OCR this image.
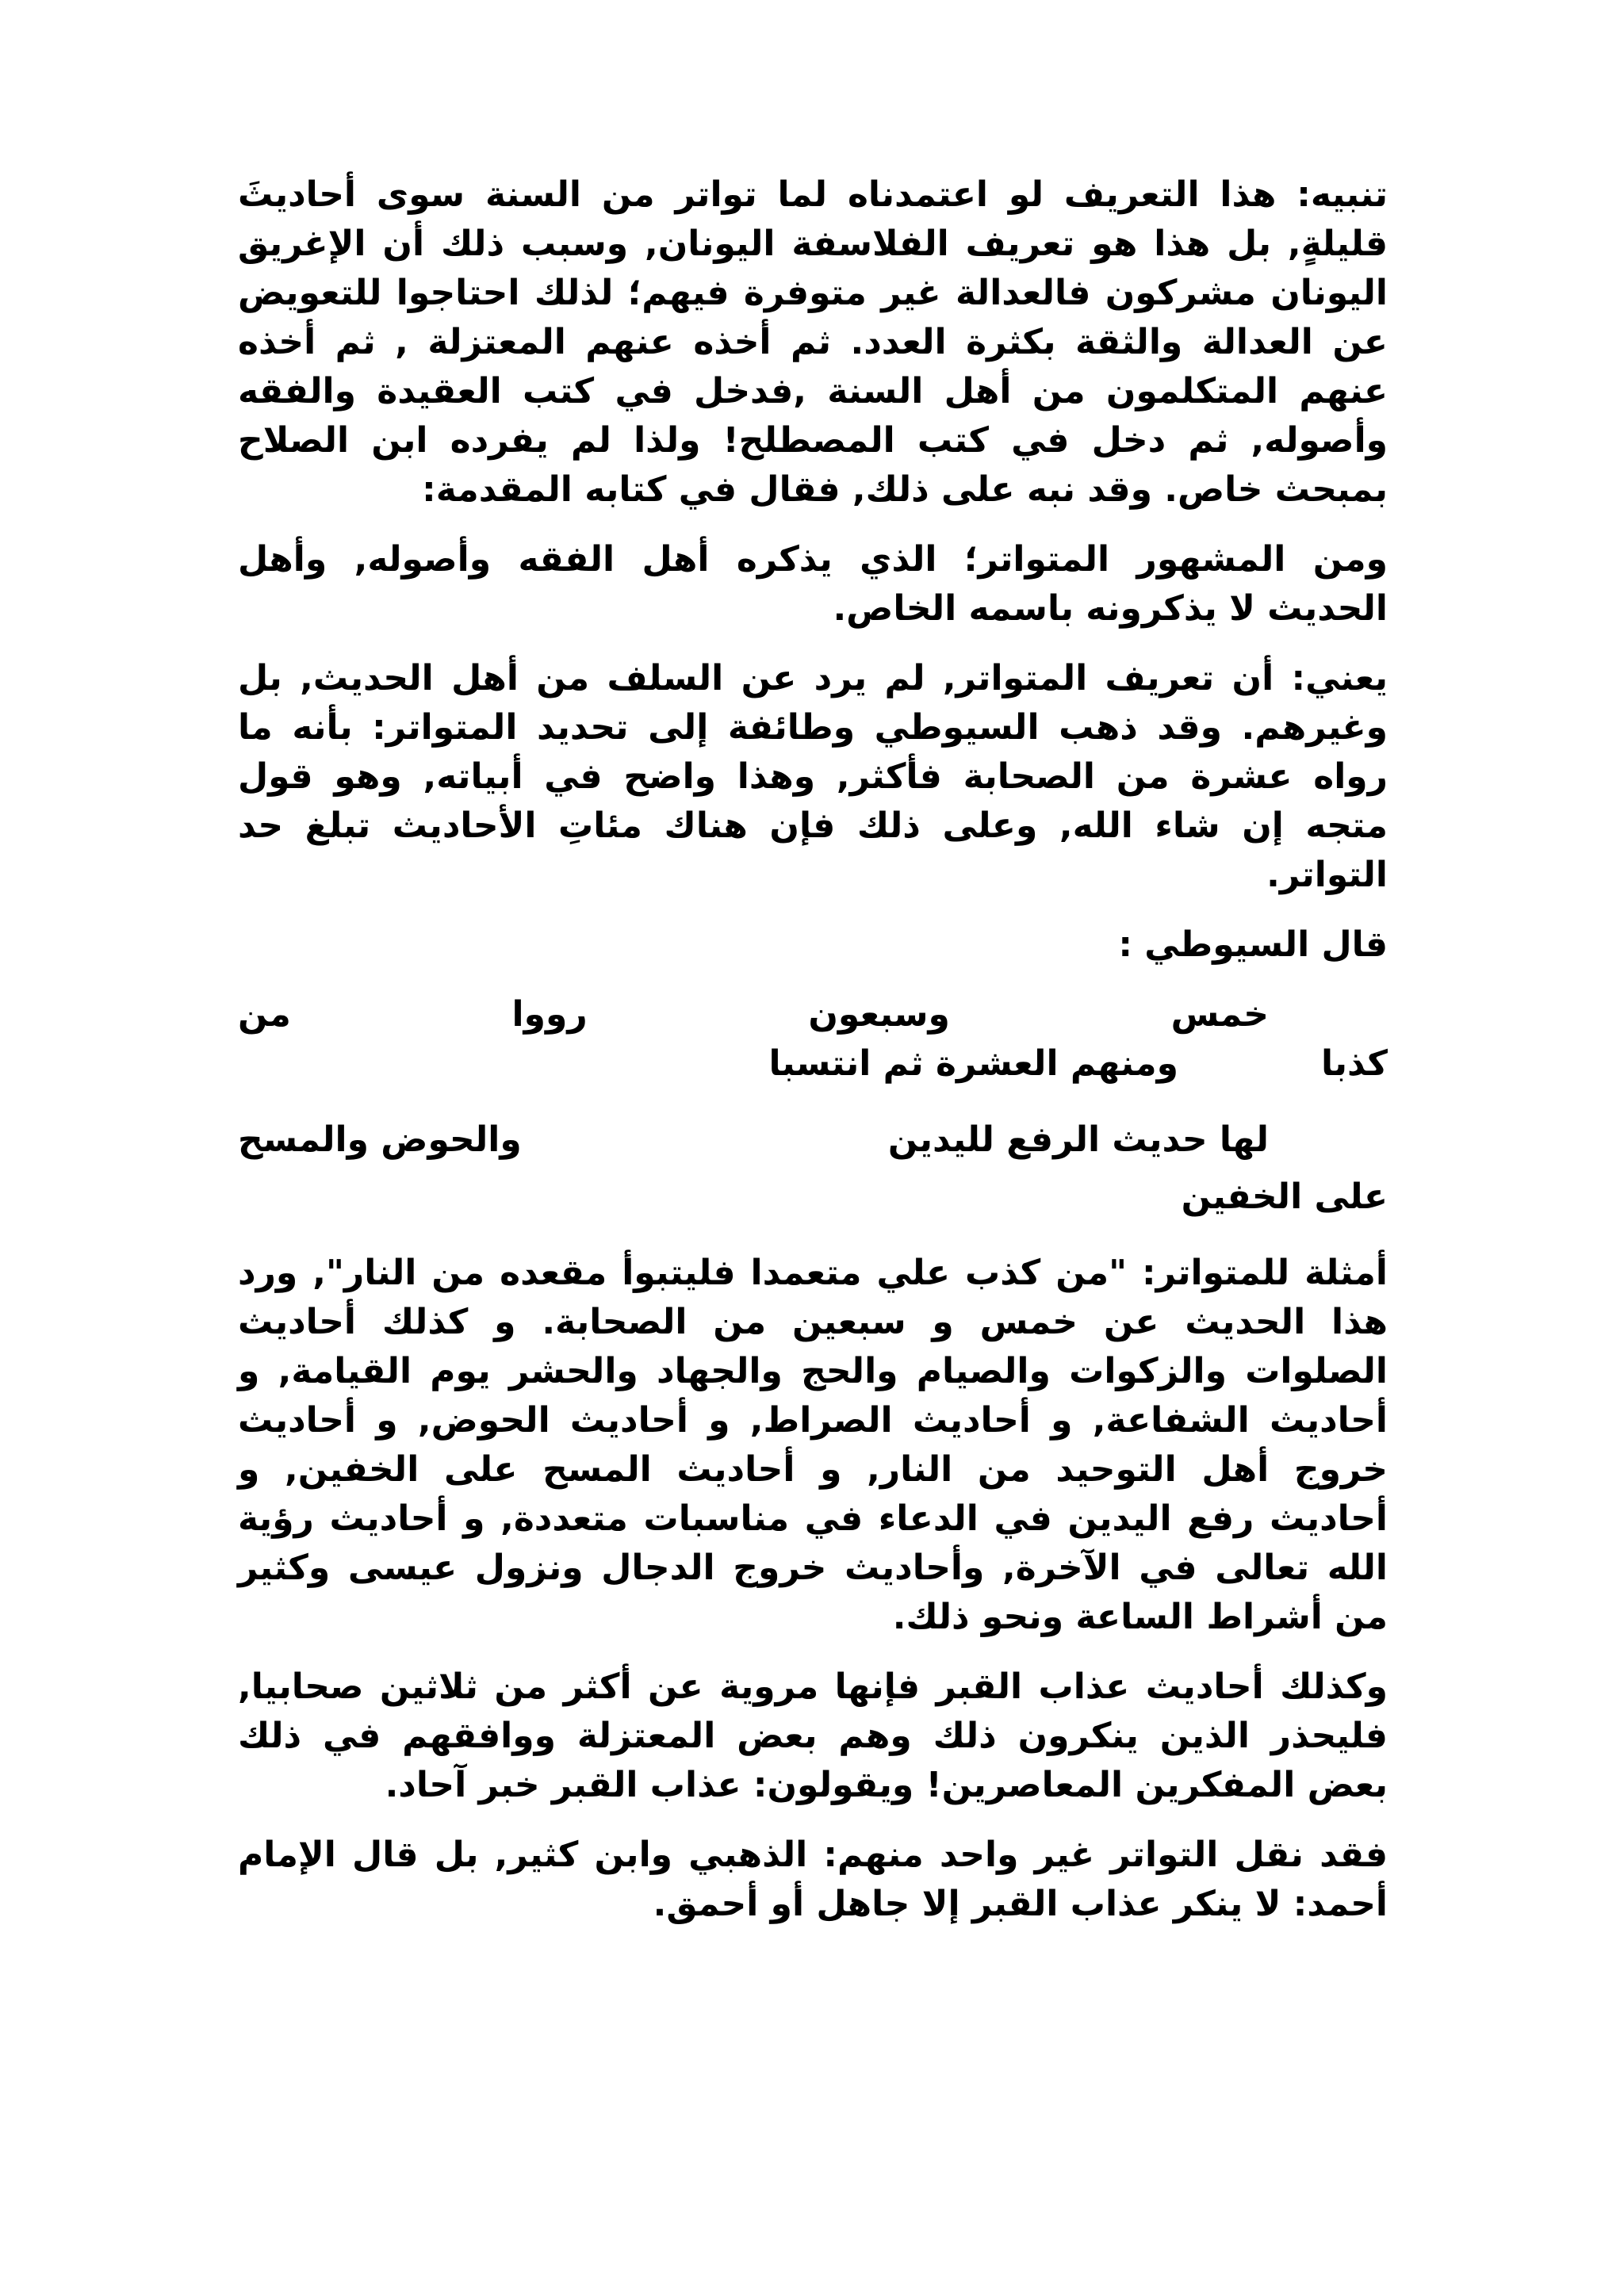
تنبيه: هذا التعريف لو اعتمدناه لما تواتر من السنة سوى أحاديثَ قليلةٍ, بل هذا هو تعريف الفلاسفة اليونان, وسبب ذلك أن الإغريق اليونان مشركون فالعدالة غير متوفرة فيهم؛ لذلك احتاجوا للتعويض عن العدالة والثقة بكثرة العدد. ثم أخذه عنهم المعتزلة , ثم أخذه عنهم المتكلمون من أهل السنة ,فدخل في كتب العقيدة والفقه وأصوله, ثم دخل في كتب المصطلح! ولذا لم يفرده ابن الصلاح بمبحث خاص. وقد نبه على ذلك, فقال في كتابه المقدمة:

ومن المشهور المتواتر؛ الذي يذكره أهل الفقه وأصوله, وأهل الحديث لا يذكرونه باسمه الخاص.

يعني: أن تعريف المتواتر, لم يرد عن السلف من أهل الحديث, بل وغيرهم. وقد ذهب السيوطي وطائفة إلى تحديد المتواتر: بأنه ما رواه عشرة من الصحابة فأكثر, وهذا واضح في أبياته, وهو قول متجه إن شاء الله, وعلى ذلك فإن هناك مئاتِ الأحاديث تبلغ حد التواتر.

قال السيوطي :

خمس
وسبعون
رووا
من
كذبا
ومنهم العشرة ثم انتسبا
لها حديث الرفع لليدين
والحوض والمسح
على الخفين

أمثلة للمتواتر: "من كذب علي متعمدا فليتبوأ مقعده من النار", ورد هذا الحديث عن خمس و سبعين من الصحابة. و كذلك أحاديث الصلوات والزكوات والصيام والحج والجهاد والحشر يوم القيامة, و أحاديث الشفاعة, و أحاديث الصراط, و أحاديث الحوض, و أحاديث خروج أهل التوحيد من النار, و أحاديث المسح على الخفين, و أحاديث رفع اليدين في الدعاء في مناسبات متعددة, و أحاديث رؤية الله تعالى في الآخرة, وأحاديث خروج الدجال ونزول عيسى وكثير من أشراط الساعة ونحو ذلك.

وكذلك أحاديث عذاب القبر فإنها مروية عن أكثر من ثلاثين صحابيا, فليحذر الذين ينكرون ذلك وهم بعض المعتزلة ووافقهم في ذلك بعض المفكرين المعاصرين! ويقولون: عذاب القبر خبر آحاد.

فقد نقل التواتر غير واحد منهم: الذهبي وابن كثير, بل قال الإمام أحمد: لا ينكر عذاب القبر إلا جاهل أو أحمق.
